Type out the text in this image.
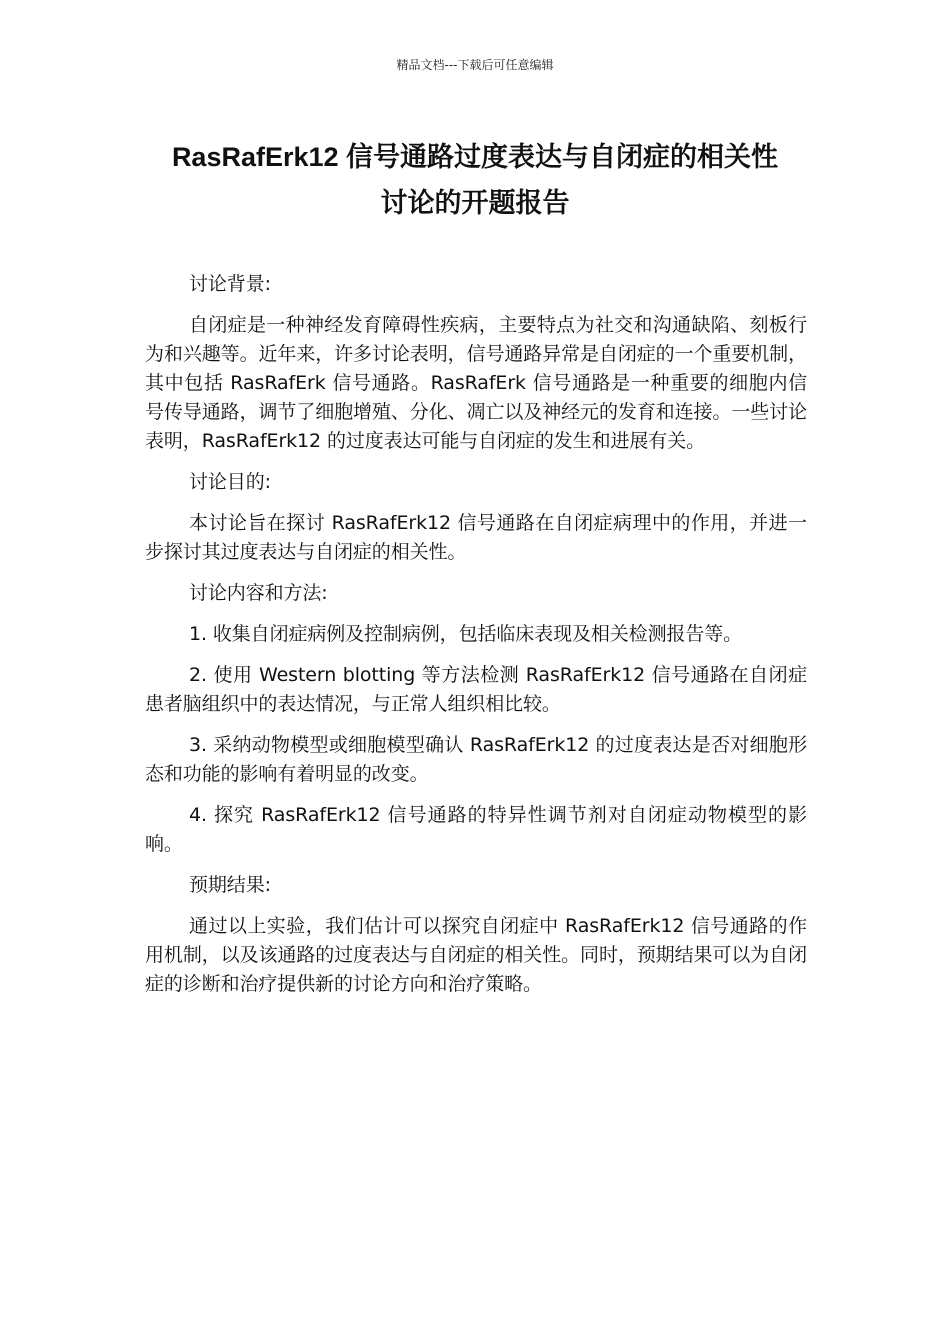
精品文档---下载后可任意编辑
RasRafErk12 信号通路过度表达与自闭症的相关性
讨论的开题报告

讨论背景:

自闭症是一种神经发育障碍性疾病，主要特点为社交和沟通缺陷、刻板行为和兴趣等。近年来，许多讨论表明，信号通路异常是自闭症的一个重要机制，其中包括 RasRafErk 信号通路。RasRafErk 信号通路是一种重要的细胞内信号传导通路，调节了细胞增殖、分化、凋亡以及神经元的发育和连接。一些讨论表明，RasRafErk12 的过度表达可能与自闭症的发生和进展有关。

讨论目的:

本讨论旨在探讨 RasRafErk12 信号通路在自闭症病理中的作用，并进一步探讨其过度表达与自闭症的相关性。

讨论内容和方法:

1. 收集自闭症病例及控制病例，包括临床表现及相关检测报告等。

2. 使用 Western blotting 等方法检测 RasRafErk12 信号通路在自闭症患者脑组织中的表达情况，与正常人组织相比较。

3. 采纳动物模型或细胞模型确认 RasRafErk12 的过度表达是否对细胞形态和功能的影响有着明显的改变。

4. 探究 RasRafErk12 信号通路的特异性调节剂对自闭症动物模型的影响。

预期结果:

通过以上实验，我们估计可以探究自闭症中 RasRafErk12 信号通路的作用机制，以及该通路的过度表达与自闭症的相关性。同时，预期结果可以为自闭症的诊断和治疗提供新的讨论方向和治疗策略。
